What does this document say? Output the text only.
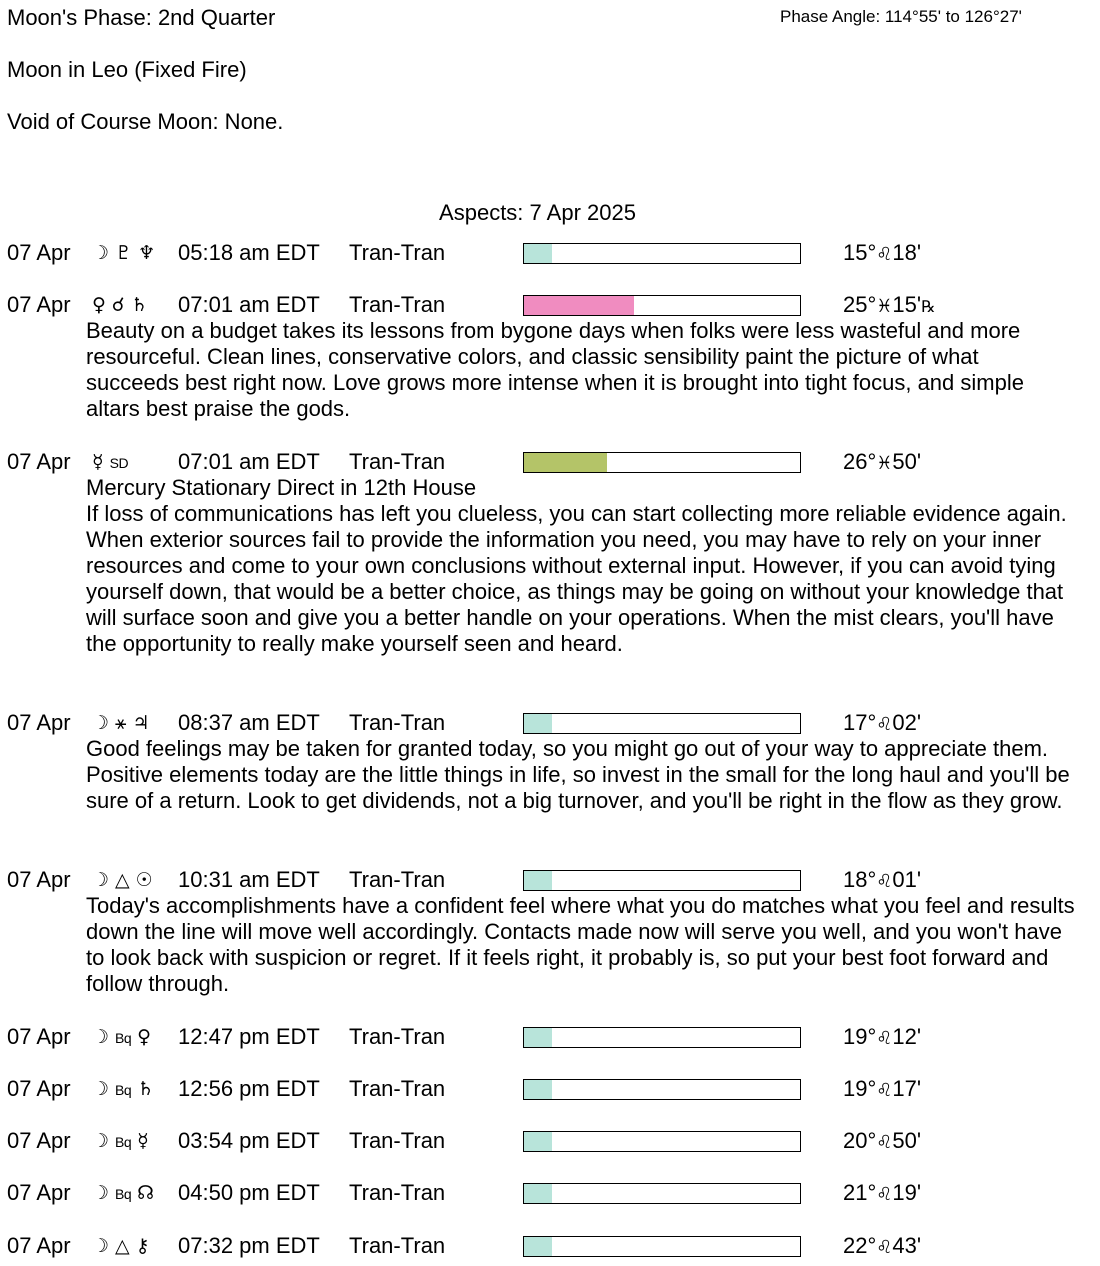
Moon's Phase: 2nd Quarter	Phase Angle: 114°55' to 126°27'
Moon in Leo (Fixed Fire)
Void of Course Moon: None.
Aspects: 7 Apr 2025
07 Apr ☽ ♇ ♆ 05:18 am EDT Tran-Tran	15°♌18'
07 Apr ♀ ☌ ♄ 07:01 am EDT Tran-Tran	25°♓15'℞
Beauty on a budget takes its lessons from bygone days when folks were less wasteful and more resourceful. Clean lines, conservative colors, and classic sensibility paint the picture of what succeeds best right now. Love grows more intense when it is brought into tight focus, and simple altars best praise the gods.
07 Apr ☿ SD 07:01 am EDT Tran-Tran	26°♓50'
Mercury Stationary Direct in 12th House
If loss of communications has left you clueless, you can start collecting more reliable evidence again. When exterior sources fail to provide the information you need, you may have to rely on your inner resources and come to your own conclusions without external input. However, if you can avoid tying yourself down, that would be a better choice, as things may be going on without your knowledge that will surface soon and give you a better handle on your operations. When the mist clears, you'll have the opportunity to really make yourself seen and heard.
07 Apr ☽ ⚹ ♃ 08:37 am EDT Tran-Tran	17°♌02'
Good feelings may be taken for granted today, so you might go out of your way to appreciate them. Positive elements today are the little things in life, so invest in the small for the long haul and you'll be sure of a return. Look to get dividends, not a big turnover, and you'll be right in the flow as they grow.
07 Apr ☽ △ ☉ 10:31 am EDT Tran-Tran	18°♌01'
Today's accomplishments have a confident feel where what you do matches what you feel and results down the line will move well accordingly. Contacts made now will serve you well, and you won't have to look back with suspicion or regret. If it feels right, it probably is, so put your best foot forward and follow through.
07 Apr ☽ Bq ♀ 12:47 pm EDT Tran-Tran	19°♌12'
07 Apr ☽ Bq ♄ 12:56 pm EDT Tran-Tran	19°♌17'
07 Apr ☽ Bq ☿ 03:54 pm EDT Tran-Tran	20°♌50'
07 Apr ☽ Bq ☊ 04:50 pm EDT Tran-Tran	21°♌19'
07 Apr ☽ △ ⚷ 07:32 pm EDT Tran-Tran	22°♌43'
